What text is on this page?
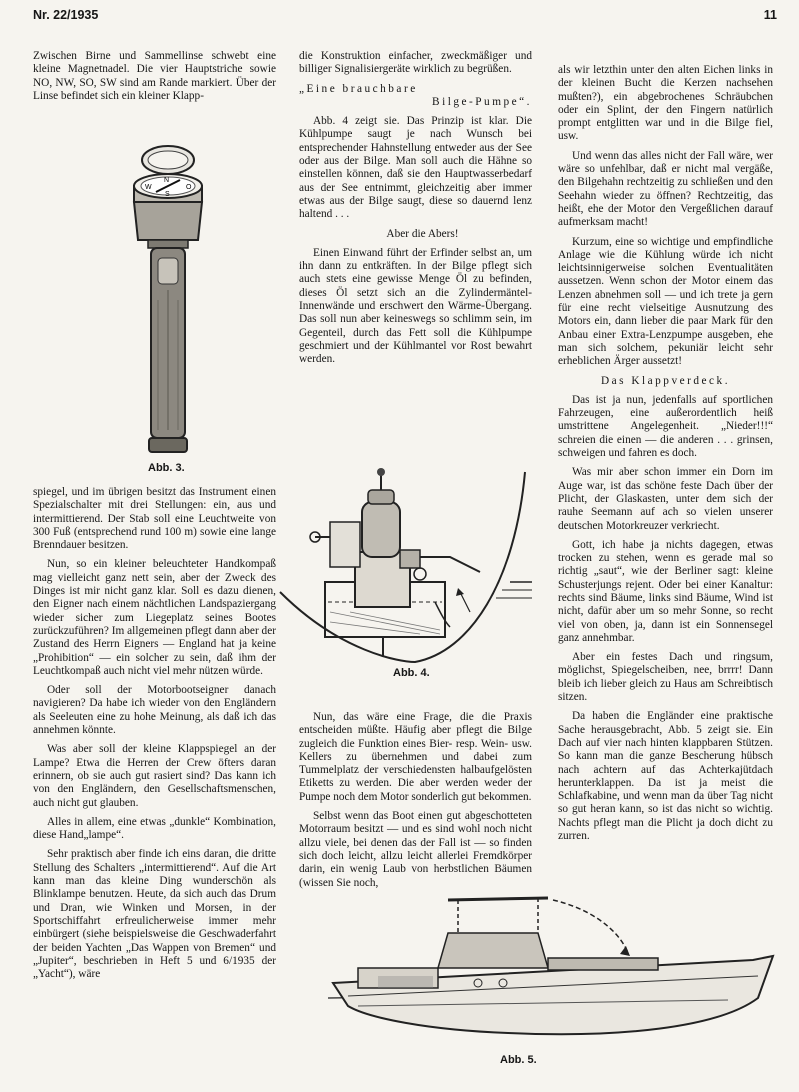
Nr. 22/1935	11

Zwischen Birne und Sammellinse schwebt eine kleine Magnetnadel. Die vier Hauptstriche sowie NO, NW, SO, SW sind am Rande markiert. Über der Linse befindet sich ein kleiner Klapp-

N
W	O
S
Abb. 3.

spiegel, und im übrigen besitzt das Instrument einen Spezialschalter mit drei Stellungen: ein, aus und intermittierend. Der Stab soll eine Leuchtweite von 300 Fuß (entsprechend rund 100 m) sowie eine lange Brenndauer besitzen.

Nun, so ein kleiner beleuchteter Handkompaß mag vielleicht ganz nett sein, aber der Zweck des Dinges ist mir nicht ganz klar. Soll es dazu dienen, den Eigner nach einem nächtlichen Landspaziergang wieder sicher zum Liegeplatz seines Bootes zurückzuführen? Im allgemeinen pflegt dann aber der Zustand des Herrn Eigners — England hat ja keine „Prohibition“ — ein solcher zu sein, daß ihm der Leuchtkompaß auch nicht viel mehr nützen würde.

Oder soll der Motorbootseigner danach navigieren? Da habe ich wieder von den Engländern als Seeleuten eine zu hohe Meinung, als daß ich das annehmen könnte.

Was aber soll der kleine Klappspiegel an der Lampe? Etwa die Herren der Crew öfters daran erinnern, ob sie auch gut rasiert sind? Das kann ich von den Engländern, den Gesellschaftsmenschen, auch nicht gut glauben.

Alles in allem, eine etwas „dunkle“ Kombination, diese Hand„lampe“.

Sehr praktisch aber finde ich eins daran, die dritte Stellung des Schalters „intermittierend“. Auf die Art kann man das kleine Ding wunderschön als Blinklampe benutzen. Heute, da sich auch das Drum und Dran, wie Winken und Morsen, in der Sportschiffahrt erfreulicherweise immer mehr einbürgert (siehe beispielsweise die Geschwaderfahrt der beiden Yachten „Das Wappen von Bremen“ und „Jupiter“, beschrieben in Heft 5 und 6/1935 der „Yacht“), wäre

die Konstruktion einfacher, zweckmäßiger und billiger Signalisiergeräte wirklich zu begrüßen.

„Eine brauchbare

Bilge-Pumpe“.

Abb. 4 zeigt sie. Das Prinzip ist klar. Die Kühlpumpe saugt je nach Wunsch bei entsprechender Hahnstellung entweder aus der See oder aus der Bilge. Man soll auch die Hähne so einstellen können, daß sie den Hauptwasserbedarf aus der See entnimmt, gleichzeitig aber immer etwas aus der Bilge saugt, diese so dauernd lenz haltend . . .

Aber die Abers!

Einen Einwand führt der Erfinder selbst an, um ihn dann zu entkräften. In der Bilge pflegt sich auch stets eine gewisse Menge Öl zu befinden, dieses Öl setzt sich an die Zylindermäntel-Innenwände und erschwert den Wärme-Übergang. Das soll nun aber keineswegs so schlimm sein, im Gegenteil, durch das Fett soll die Kühlpumpe geschmiert und der Kühlmantel vor Rost bewahrt werden.

Abb. 4.

Nun, das wäre eine Frage, die die Praxis entscheiden müßte. Häufig aber pflegt die Bilge zugleich die Funktion eines Bier- resp. Wein- usw. Kellers zu übernehmen und dabei zum Tummelplatz der verschiedensten halbaufgelösten Etiketts zu werden. Die aber werden weder der Pumpe noch dem Motor sonderlich gut bekommen.

Selbst wenn das Boot einen gut abgeschotteten Motorraum besitzt — und es sind wohl noch nicht allzu viele, bei denen das der Fall ist — so finden sich doch leicht, allzu leicht allerlei Fremdkörper darin, ein wenig Laub von herbstlichen Bäumen (wissen Sie noch,

als wir letzthin unter den alten Eichen links in der kleinen Bucht die Kerzen nachsehen mußten?), ein abgebrochenes Schräubchen oder ein Splint, der den Fingern natürlich prompt entglitten war und in die Bilge fiel, usw.

Und wenn das alles nicht der Fall wäre, wer wäre so unfehlbar, daß er nicht mal vergäße, den Bilgehahn rechtzeitig zu schließen und den Seehahn wieder zu öffnen? Rechtzeitig, das heißt, ehe der Motor den Vergeßlichen darauf aufmerksam macht!

Kurzum, eine so wichtige und empfindliche Anlage wie die Kühlung würde ich nicht leichtsinnigerweise solchen Eventualitäten aussetzen. Wenn schon der Motor einem das Lenzen abnehmen soll — und ich trete ja gern für eine recht vielseitige Ausnutzung des Motors ein, dann lieber die paar Mark für den Anbau einer Extra-Lenzpumpe ausgeben, ehe man sich solchem, pekuniär leicht sehr erheblichen Ärger aussetzt!

Das Klappverdeck.

Das ist ja nun, jedenfalls auf sportlichen Fahrzeugen, eine außerordentlich heiß umstrittene Angelegenheit. „Nieder!!!“ schreien die einen — die anderen . . . grinsen, schweigen und fahren es doch.

Was mir aber schon immer ein Dorn im Auge war, ist das schöne feste Dach über der Plicht, der Glaskasten, unter dem sich der rauhe Seemann auf ach so vielen unserer deutschen Motorkreuzer verkriecht.

Gott, ich habe ja nichts dagegen, etwas trocken zu stehen, wenn es gerade mal so richtig „saut“, wie der Berliner sagt: kleine Schusterjungs rejent. Oder bei einer Kanaltur: rechts sind Bäume, links sind Bäume, Wind ist nicht, dafür aber um so mehr Sonne, so recht viel von oben, ja, dann ist ein Sonnensegel ganz annehmbar.

Aber ein festes Dach und ringsum, möglichst, Spiegelscheiben, nee, brrrr! Dann bleib ich lieber gleich zu Haus am Schreibtisch sitzen.

Da haben die Engländer eine praktische Sache herausgebracht, Abb. 5 zeigt sie. Ein Dach auf vier nach hinten klappbaren Stützen. So kann man die ganze Bescherung hübsch nach achtern auf das Achterkajütdach herunterklappen. Da ist ja meist die Schlafkabine, und wenn man da über Tag nicht so gut heran kann, so ist das nicht so wichtig. Nachts pflegt man die Plicht ja doch dicht zu zurren.

Abb. 5.
